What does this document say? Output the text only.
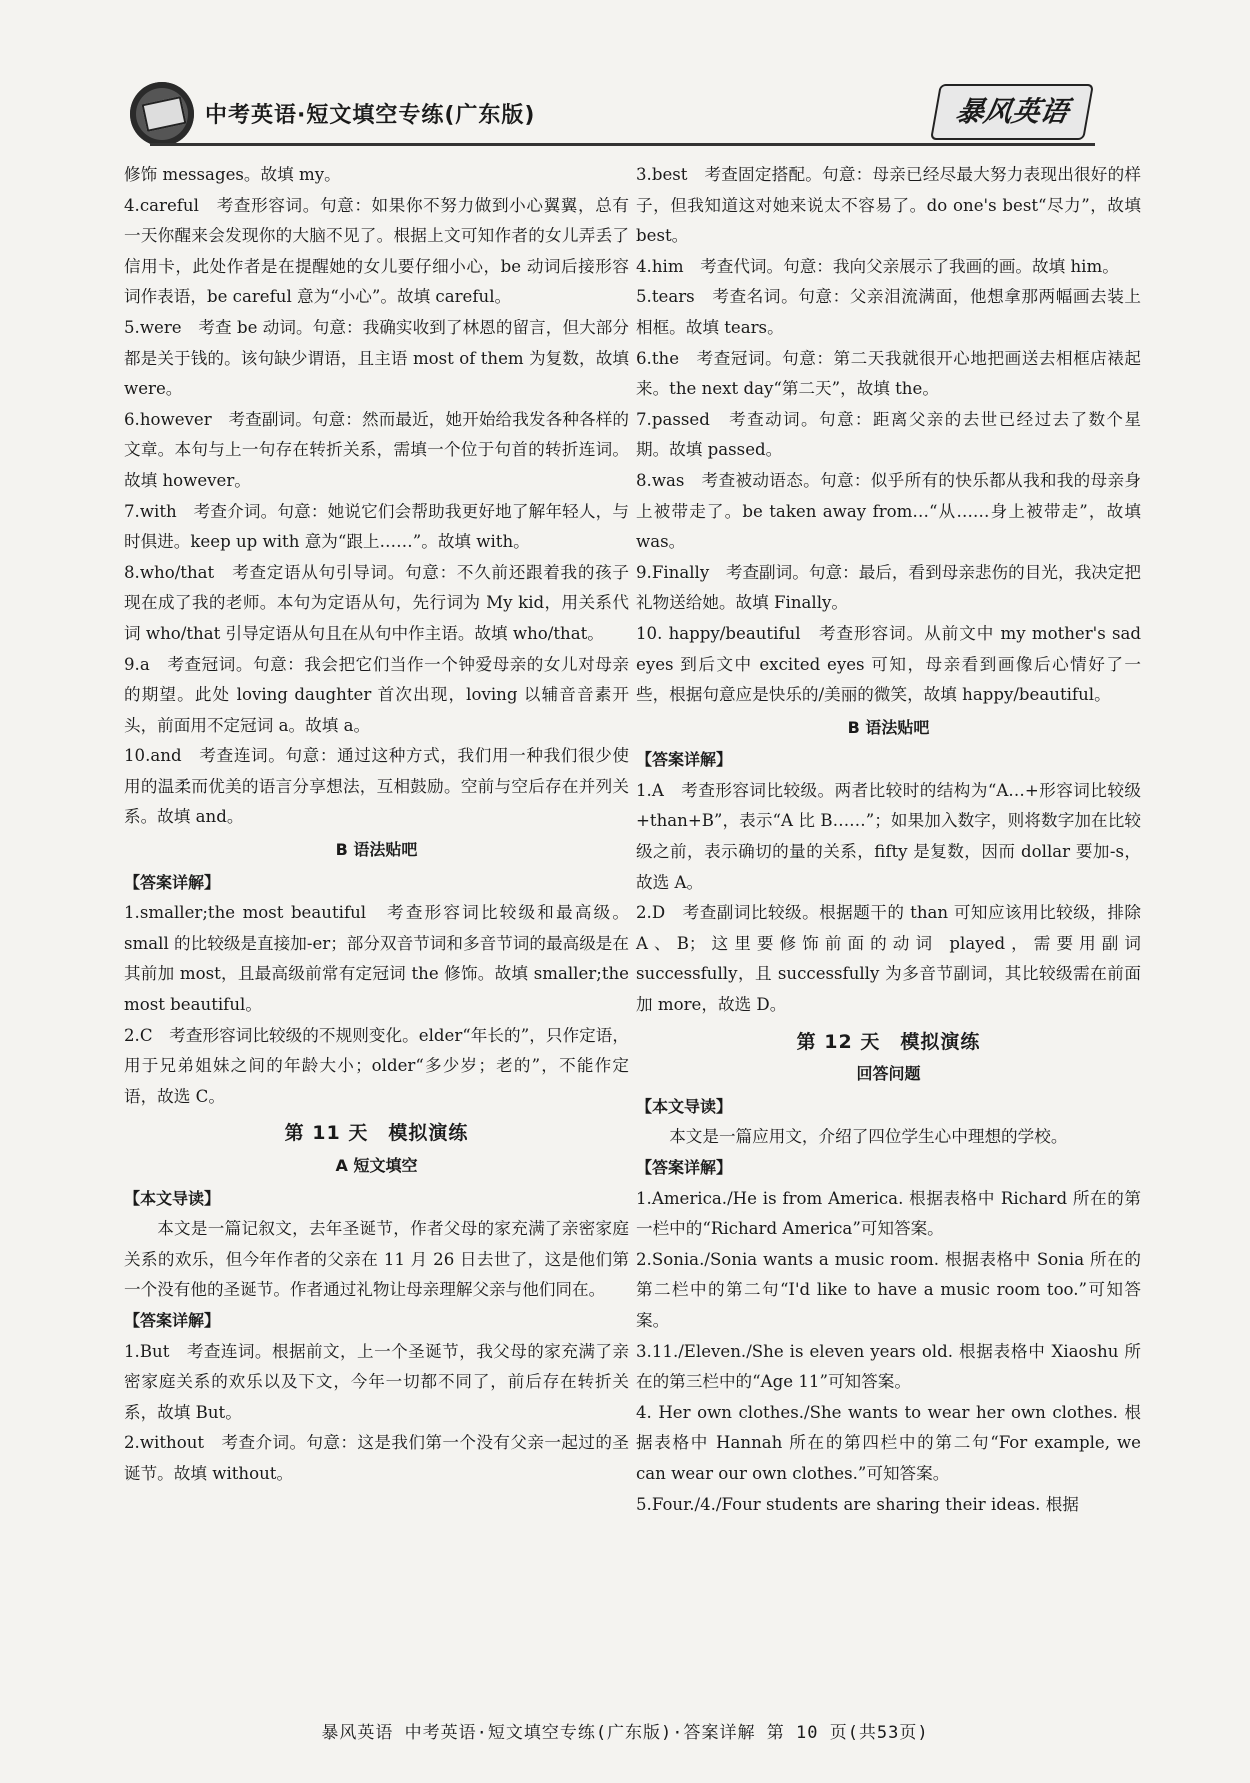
中考英语·短文填空专练(广东版)	暴风英语
修饰 messages。故填 my。
4.careful　考查形容词。句意：如果你不努力做到小心翼翼，总有一天你醒来会发现你的大脑不见了。根据上文可知作者的女儿弄丢了信用卡，此处作者是在提醒她的女儿要仔细小心，be 动词后接形容词作表语，be careful 意为“小心”。故填 careful。
5.were　考查 be 动词。句意：我确实收到了林恩的留言，但大部分都是关于钱的。该句缺少谓语，且主语 most of them 为复数，故填 were。
6.however　考查副词。句意：然而最近，她开始给我发各种各样的文章。本句与上一句存在转折关系，需填一个位于句首的转折连词。故填 however。
7.with　考查介词。句意：她说它们会帮助我更好地了解年轻人，与时俱进。keep up with 意为“跟上……”。故填 with。
8.who/that　考查定语从句引导词。句意：不久前还跟着我的孩子现在成了我的老师。本句为定语从句，先行词为 My kid，用关系代词 who/that 引导定语从句且在从句中作主语。故填 who/that。
9.a　考查冠词。句意：我会把它们当作一个钟爱母亲的女儿对母亲的期望。此处 loving daughter 首次出现，loving 以辅音音素开头，前面用不定冠词 a。故填 a。
10.and　考查连词。句意：通过这种方式，我们用一种我们很少使用的温柔而优美的语言分享想法，互相鼓励。空前与空后存在并列关系。故填 and。
B 语法贴吧
【答案详解】
1.smaller;the most beautiful　考查形容词比较级和最高级。small 的比较级是直接加-er；部分双音节词和多音节词的最高级是在其前加 most，且最高级前常有定冠词 the 修饰。故填 smaller;the most beautiful。
2.C　考查形容词比较级的不规则变化。elder“年长的”，只作定语，用于兄弟姐妹之间的年龄大小；older“多少岁；老的”，不能作定语，故选 C。
第 11 天　模拟演练
A 短文填空
【本文导读】
本文是一篇记叙文，去年圣诞节，作者父母的家充满了亲密家庭关系的欢乐，但今年作者的父亲在 11 月 26 日去世了，这是他们第一个没有他的圣诞节。作者通过礼物让母亲理解父亲与他们同在。
【答案详解】
1.But　考查连词。根据前文，上一个圣诞节，我父母的家充满了亲密家庭关系的欢乐以及下文，今年一切都不同了，前后存在转折关系，故填 But。
2.without　考查介词。句意：这是我们第一个没有父亲一起过的圣诞节。故填 without。
3.best　考查固定搭配。句意：母亲已经尽最大努力表现出很好的样子，但我知道这对她来说太不容易了。do one's best“尽力”，故填 best。
4.him　考查代词。句意：我向父亲展示了我画的画。故填 him。
5.tears　考查名词。句意：父亲泪流满面，他想拿那两幅画去装上相框。故填 tears。
6.the　考查冠词。句意：第二天我就很开心地把画送去相框店裱起来。the next day“第二天”，故填 the。
7.passed　考查动词。句意：距离父亲的去世已经过去了数个星期。故填 passed。
8.was　考查被动语态。句意：似乎所有的快乐都从我和我的母亲身上被带走了。be taken away from…“从……身上被带走”，故填 was。
9.Finally　考查副词。句意：最后，看到母亲悲伤的目光，我决定把礼物送给她。故填 Finally。
10. happy/beautiful　考查形容词。从前文中 my mother's sad eyes 到后文中 excited eyes 可知，母亲看到画像后心情好了一些，根据句意应是快乐的/美丽的微笑，故填 happy/beautiful。
B 语法贴吧
【答案详解】
1.A　考查形容词比较级。两者比较时的结构为“A…+形容词比较级+than+B”，表示“A 比 B……”；如果加入数字，则将数字加在比较级之前，表示确切的量的关系，fifty 是复数，因而 dollar 要加-s，故选 A。
2.D　考查副词比较级。根据题干的 than 可知应该用比较级，排除 A、B；这里要修饰前面的动词 played，需要用副词 successfully，且 successfully 为多音节副词，其比较级需在前面加 more，故选 D。
第 12 天　模拟演练
回答问题
【本文导读】
本文是一篇应用文，介绍了四位学生心中理想的学校。
【答案详解】
1.America./He is from America. 根据表格中 Richard 所在的第一栏中的“Richard America”可知答案。
2.Sonia./Sonia wants a music room. 根据表格中 Sonia 所在的第二栏中的第二句“I'd like to have a music room too.”可知答案。
3.11./Eleven./She is eleven years old. 根据表格中 Xiaoshu 所在的第三栏中的“Age 11”可知答案。
4. Her own clothes./She wants to wear her own clothes. 根据表格中 Hannah 所在的第四栏中的第二句“For example, we can wear our own clothes.”可知答案。
5.Four./4./Four students are sharing their ideas. 根据
暴风英语 中考英语·短文填空专练(广东版)·答案详解 第 10 页(共53页)
